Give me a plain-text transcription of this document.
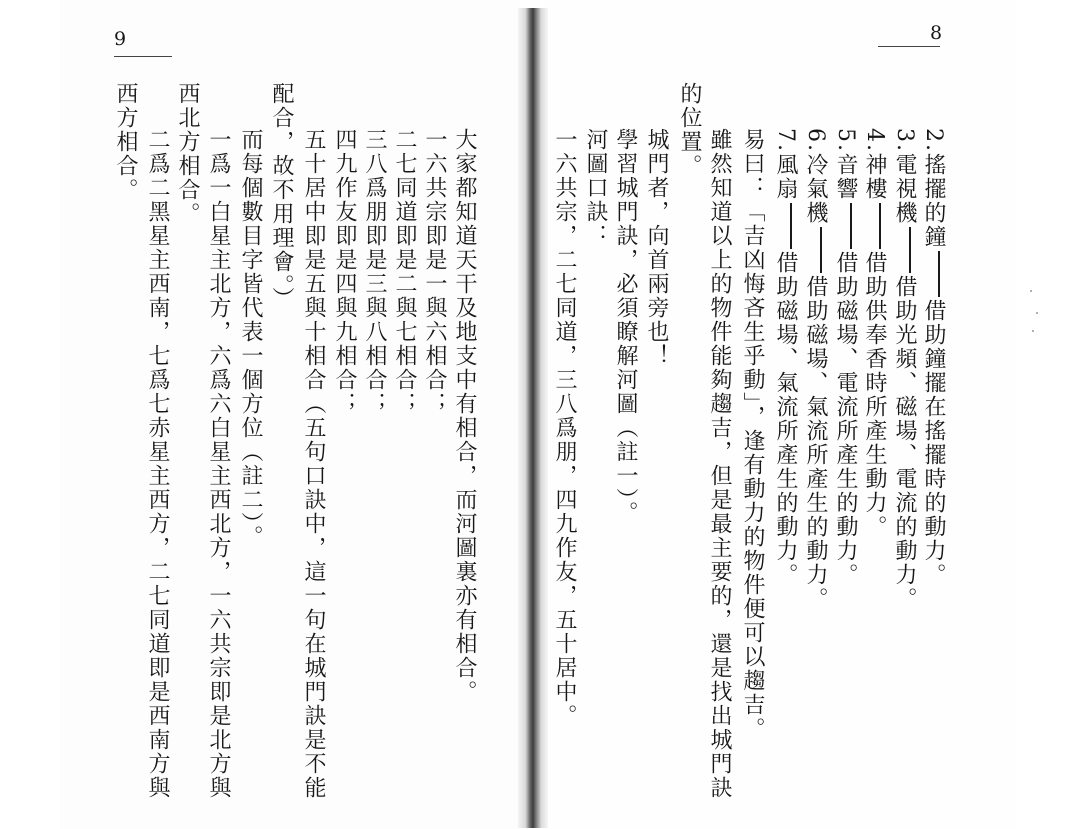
9	8
2.搖擺的鐘借助鐘擺在搖擺時的動力。
3.電視機借助光頻、磁場、電流的動力。
4.神樓借助供奉香時所產生動力。
5.音響借助磁場、電流所產生的動力。
6.冷氣機借助磁場、氣流所產生的動力。
7.風扇借助磁場、氣流所產生的動力。
易曰：「吉凶悔吝生乎動」，逢有動力的物件便可以趨吉。
雖然知道以上的物件能夠趨吉，但是最主要的，還是找出城門訣
的位置。
城門者，向首兩旁也！
學習城門訣，必須瞭解河圖（註一）。
河圖口訣：
一六共宗，二七同道，三八爲朋，四九作友，五十居中。
大家都知道天干及地支中有相合，而河圖裏亦有相合。
一六共宗即是一與六相合；
二七同道即是二與七相合；
三八爲朋即是三與八相合；
四九作友即是四與九相合；
五十居中即是五與十相合（五句口訣中，這一句在城門訣是不能
配合，故不用理會。）
而每個數目字皆代表一個方位（註二）。
一爲一白星主北方，六爲六白星主西北方，一六共宗即是北方與
西北方相合。
二爲二黑星主西南，七爲七赤星主西方，二七同道即是西南方與
西方相合。
